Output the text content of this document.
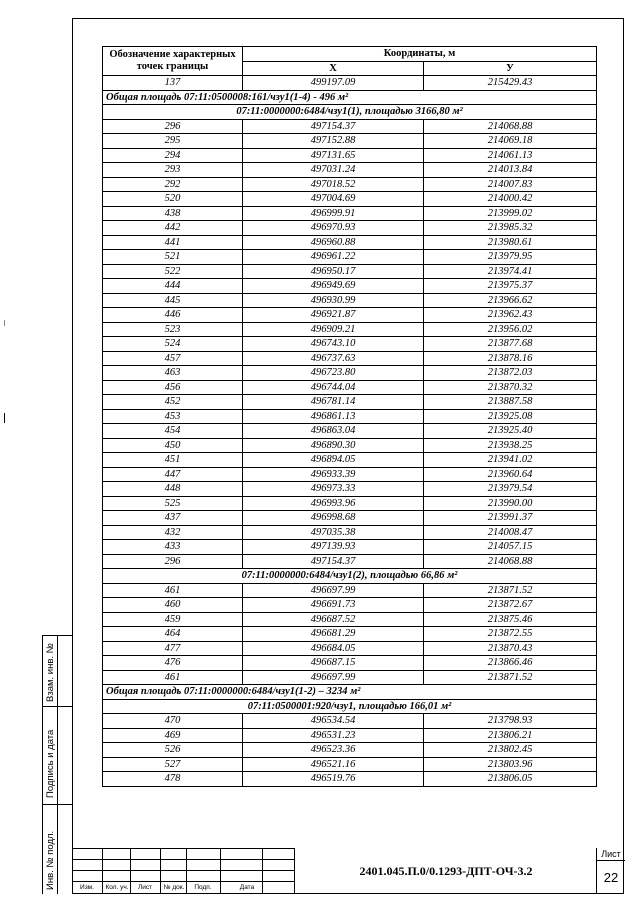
Обозначение характерных точек границы	Координаты, м	
	X	У
137	499197.09	215429.43
Общая площадь 07:11:0500008:161/чзу1(1-4) - 496 м²		
07:11:0000000:6484/чзу1(1), площадью 3166,80 м²		
296	497154.37	214068.88
295	497152.88	214069.18
294	497131.65	214061.13
293	497031.24	214013.84
292	497018.52	214007.83
520	497004.69	214000.42
438	496999.91	213999.02
442	496970.93	213985.32
441	496960.88	213980.61
521	496961.22	213979.95
522	496950.17	213974.41
444	496949.69	213975.37
445	496930.99	213966.62
446	496921.87	213962.43
523	496909.21	213956.02
524	496743.10	213877.68
457	496737.63	213878.16
463	496723.80	213872.03
456	496744.04	213870.32
452	496781.14	213887.58
453	496861.13	213925.08
454	496863.04	213925.40
450	496890.30	213938.25
451	496894.05	213941.02
447	496933.39	213960.64
448	496973.33	213979.54
525	496993.96	213990.00
437	496998.68	213991.37
432	497035.38	214008.47
433	497139.93	214057.15
296	497154.37	214068.88
07:11:0000000:6484/чзу1(2), площадью 66,86 м²		
461	496697.99	213871.52
460	496691.73	213872.67
459	496687.52	213875.46
464	496681.29	213872.55
477	496684.05	213870.43
476	496687.15	213866.46
461	496697.99	213871.52
Общая площадь 07:11:0000000:6484/чзу1(1-2) – 3234 м²		
07:11:0500001:920/чзу1, площадью 166,01 м²		
470	496534.54	213798.93
469	496531.23	213806.21
526	496523.36	213802.45
527	496521.16	213803.96
478	496519.76	213806.05
Взам. инв. №
Подпись и дата
Инв. № подл.	Изм.	Кол. уч.	Лист	№ док.	Подп.	Дата
2401.045.П.0/0.1293-ДПТ-ОЧ-3.2
Лист
22
